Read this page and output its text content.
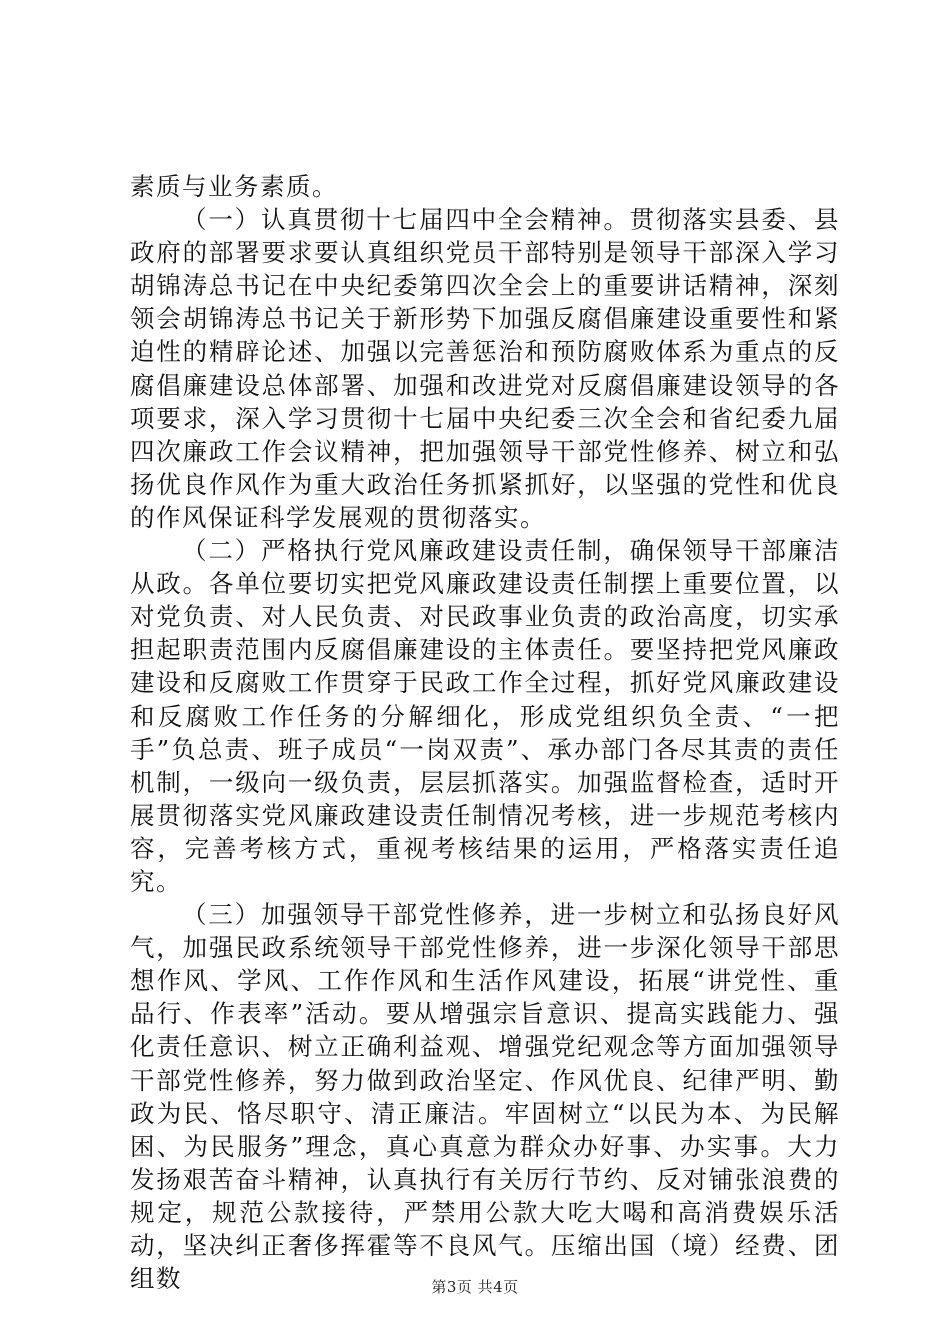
素质与业务素质。

（一）认真贯彻十七届四中全会精神。贯彻落实县委、县政府的部署要求要认真组织党员干部特别是领导干部深入学习胡锦涛总书记在中央纪委第四次全会上的重要讲话精神，深刻领会胡锦涛总书记关于新形势下加强反腐倡廉建设重要性和紧迫性的精辟论述、加强以完善惩治和预防腐败体系为重点的反腐倡廉建设总体部署、加强和改进党对反腐倡廉建设领导的各项要求，深入学习贯彻十七届中央纪委三次全会和省纪委九届四次廉政工作会议精神，把加强领导干部党性修养、树立和弘扬优良作风作为重大政治任务抓紧抓好，以坚强的党性和优良的作风保证科学发展观的贯彻落实。

（二）严格执行党风廉政建设责任制，确保领导干部廉洁从政。各单位要切实把党风廉政建设责任制摆上重要位置，以对党负责、对人民负责、对民政事业负责的政治高度，切实承担起职责范围内反腐倡廉建设的主体责任。要坚持把党风廉政建设和反腐败工作贯穿于民政工作全过程，抓好党风廉政建设和反腐败工作任务的分解细化，形成党组织负全责、“一把手”负总责、班子成员“一岗双责”、承办部门各尽其责的责任机制，一级向一级负责，层层抓落实。加强监督检查，适时开展贯彻落实党风廉政建设责任制情况考核，进一步规范考核内容，完善考核方式，重视考核结果的运用，严格落实责任追究。

（三）加强领导干部党性修养，进一步树立和弘扬良好风气，加强民政系统领导干部党性修养，进一步深化领导干部思想作风、学风、工作作风和生活作风建设，拓展“讲党性、重品行、作表率”活动。要从增强宗旨意识、提高实践能力、强化责任意识、树立正确利益观、增强党纪观念等方面加强领导干部党性修养，努力做到政治坚定、作风优良、纪律严明、勤政为民、恪尽职守、清正廉洁。牢固树立“以民为本、为民解困、为民服务”理念，真心真意为群众办好事、办实事。大力发扬艰苦奋斗精神，认真执行有关厉行节约、反对铺张浪费的规定，规范公款接待，严禁用公款大吃大喝和高消费娱乐活动，坚决纠正奢侈挥霍等不良风气。压缩出国（境）经费、团组数	第3页 共4页
